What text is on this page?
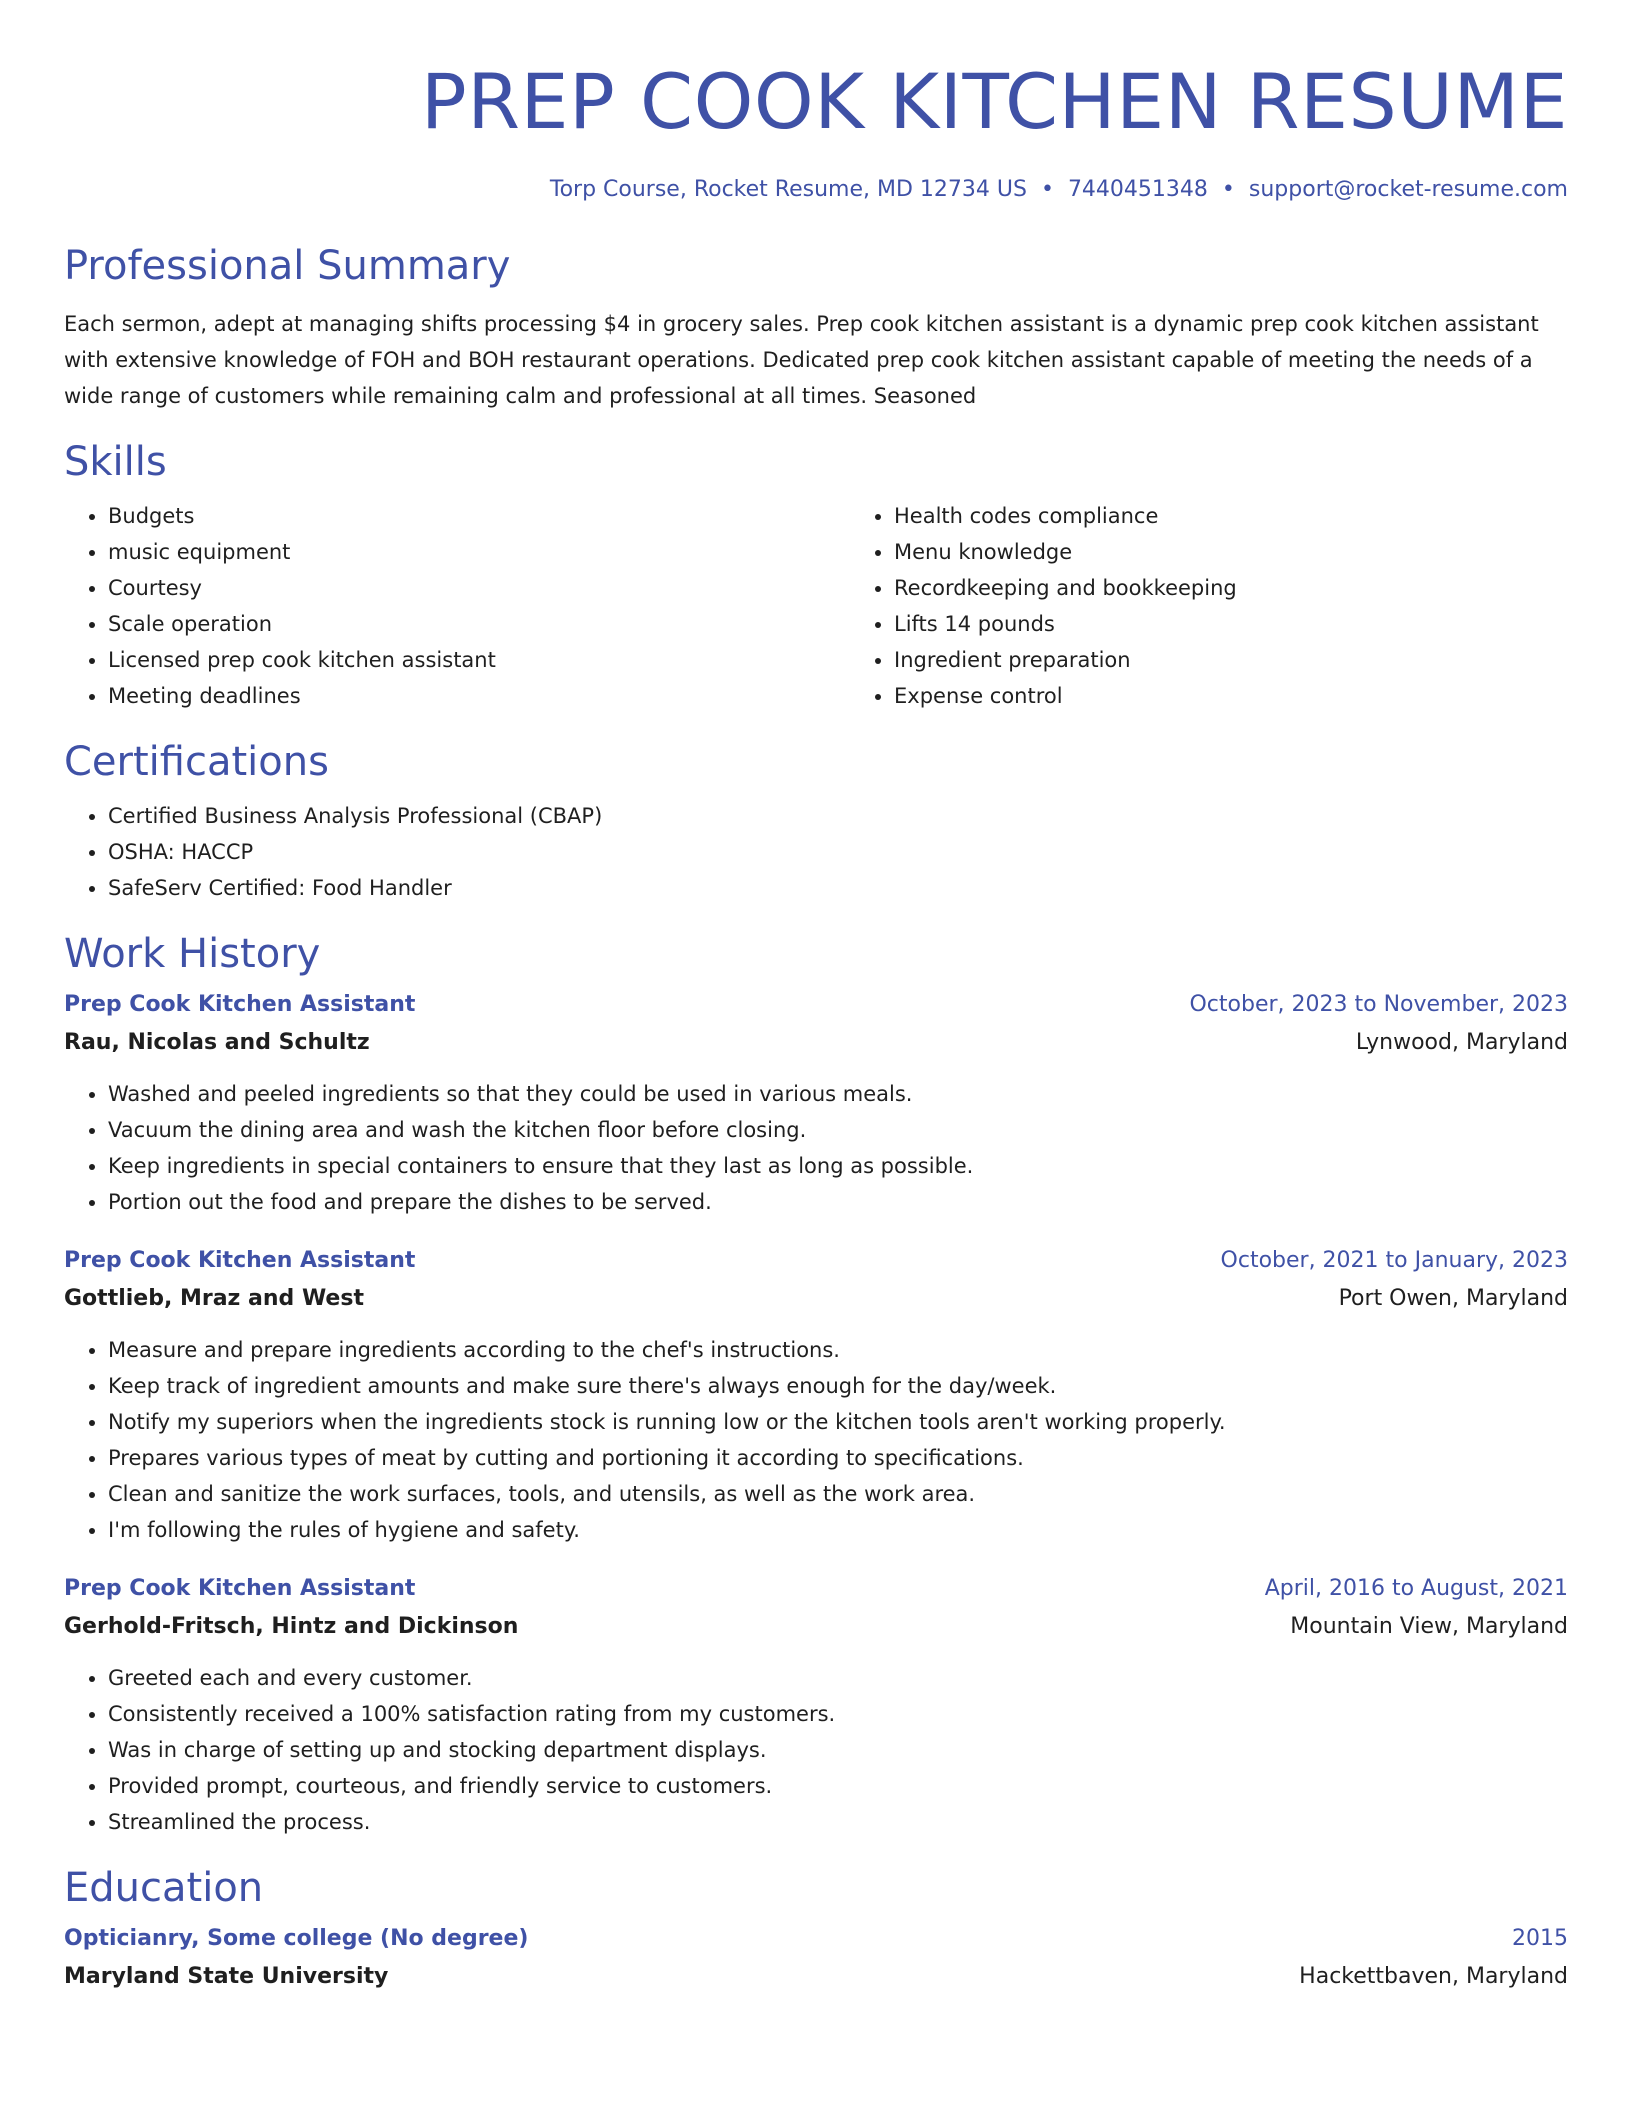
PREP COOK KITCHEN RESUME
Torp Course, Rocket Resume, MD 12734 US • 7440451348 • support@rocket-resume.com
Professional Summary

Each sermon, adept at managing shifts processing $4 in grocery sales. Prep cook kitchen assistant is a dynamic prep cook kitchen assistant with extensive knowledge of FOH and BOH restaurant operations. Dedicated prep cook kitchen assistant capable of meeting the needs of a wide range of customers while remaining calm and professional at all times. Seasoned

Skills
• Budgets
• music equipment
• Courtesy
• Scale operation
• Licensed prep cook kitchen assistant
• Meeting deadlines
• Health codes compliance
• Menu knowledge
• Recordkeeping and bookkeeping
• Lifts 14 pounds
• Ingredient preparation
• Expense control
Certifications
• Certified Business Analysis Professional (CBAP)
• OSHA: HACCP
• SafeServ Certified: Food Handler
Work History
Prep Cook Kitchen Assistant	October, 2023 to November, 2023
Rau, Nicolas and Schultz	Lynwood, Maryland
• Washed and peeled ingredients so that they could be used in various meals.
• Vacuum the dining area and wash the kitchen floor before closing.
• Keep ingredients in special containers to ensure that they last as long as possible.
• Portion out the food and prepare the dishes to be served.
Prep Cook Kitchen Assistant	October, 2021 to January, 2023
Gottlieb, Mraz and West	Port Owen, Maryland
• Measure and prepare ingredients according to the chef's instructions.
• Keep track of ingredient amounts and make sure there's always enough for the day/week.
• Notify my superiors when the ingredients stock is running low or the kitchen tools aren't working properly.
• Prepares various types of meat by cutting and portioning it according to specifications.
• Clean and sanitize the work surfaces, tools, and utensils, as well as the work area.
• I'm following the rules of hygiene and safety.
Prep Cook Kitchen Assistant	April, 2016 to August, 2021
Gerhold-Fritsch, Hintz and Dickinson	Mountain View, Maryland
• Greeted each and every customer.
• Consistently received a 100% satisfaction rating from my customers.
• Was in charge of setting up and stocking department displays.
• Provided prompt, courteous, and friendly service to customers.
• Streamlined the process.
Education
Opticianry, Some college (No degree)	2015
Maryland State University	Hackettbaven, Maryland
